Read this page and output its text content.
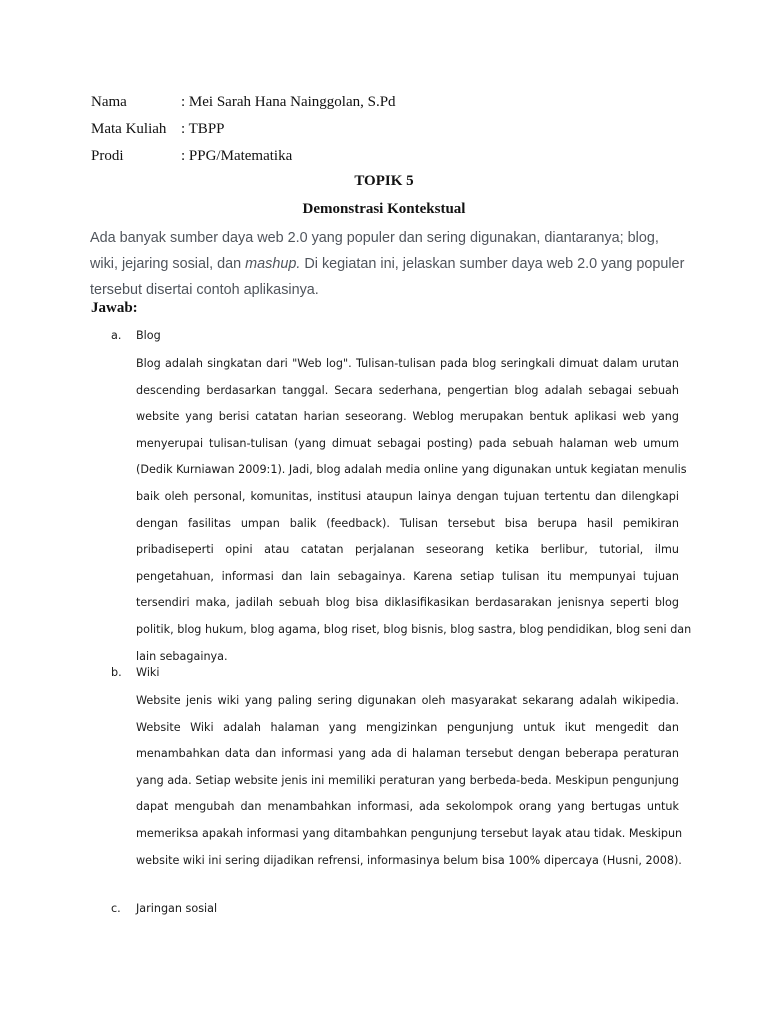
Nama	: Mei Sarah Hana Nainggolan, S.Pd
Mata Kuliah : TBPP
Prodi	: PPG/Matematika
TOPIK 5
Demonstrasi Kontekstual
Ada banyak sumber daya web 2.0 yang populer dan sering digunakan, diantaranya; blog, wiki, jejaring sosial, dan mashup. Di kegiatan ini, jelaskan sumber daya web 2.0 yang populer tersebut disertai contoh aplikasinya.
Jawab:
a. Blog
Blog adalah singkatan dari "Web log". Tulisan-tulisan pada blog seringkali dimuat dalam urutan
descending berdasarkan tanggal. Secara sederhana, pengertian blog adalah sebagai sebuah
website yang berisi catatan harian seseorang. Weblog merupakan bentuk aplikasi web yang
menyerupai tulisan-tulisan (yang dimuat sebagai posting) pada sebuah halaman web umum
(Dedik Kurniawan 2009:1). Jadi, blog adalah media online yang digunakan untuk kegiatan menulis
baik oleh personal, komunitas, institusi ataupun lainya dengan tujuan tertentu dan dilengkapi
dengan fasilitas umpan balik (feedback). Tulisan tersebut bisa berupa hasil pemikiran
pribadiseperti opini atau catatan perjalanan seseorang ketika berlibur, tutorial, ilmu
pengetahuan, informasi dan lain sebagainya. Karena setiap tulisan itu mempunyai tujuan
tersendiri maka, jadilah sebuah blog bisa diklasifikasikan berdasarakan jenisnya seperti blog
politik, blog hukum, blog agama, blog riset, blog bisnis, blog sastra, blog pendidikan, blog seni dan
lain sebagainya.
b. Wiki
Website jenis wiki yang paling sering digunakan oleh masyarakat sekarang adalah wikipedia.
Website Wiki adalah halaman yang mengizinkan pengunjung untuk ikut mengedit dan
menambahkan data dan informasi yang ada di halaman tersebut dengan beberapa peraturan
yang ada. Setiap website jenis ini memiliki peraturan yang berbeda-beda. Meskipun pengunjung
dapat mengubah dan menambahkan informasi, ada sekolompok orang yang bertugas untuk
memeriksa apakah informasi yang ditambahkan pengunjung tersebut layak atau tidak. Meskipun
website wiki ini sering dijadikan refrensi, informasinya belum bisa 100% dipercaya (Husni, 2008).
c. Jaringan sosial
